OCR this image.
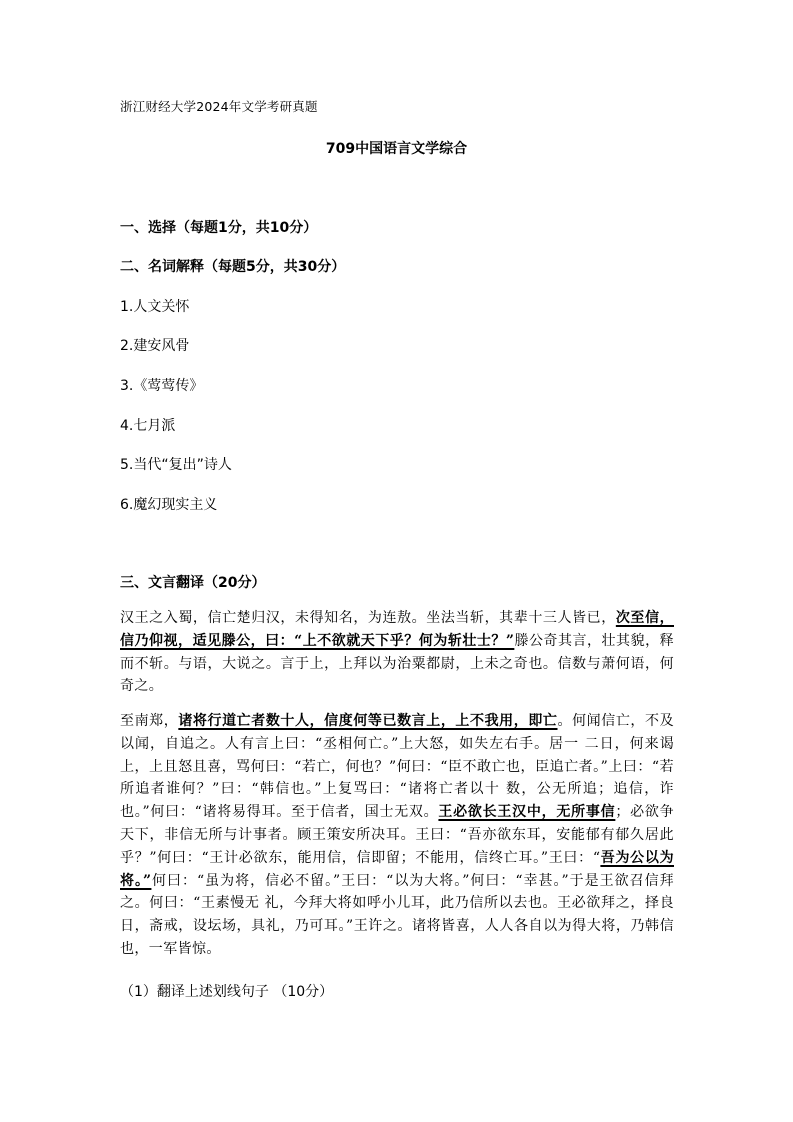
浙江财经大学2024年文学考研真题
709中国语言文学综合
一、选择（每题1分，共10分）
二、名词解释（每题5分，共30分）
1.人文关怀
2.建安风骨
3.《莺莺传》
4.七月派
5.当代“复出”诗人
6.魔幻现实主义
三、文言翻译（20分）
汉王之入蜀，信亡楚归汉，未得知名，为连敖。坐法当斩，其辈十三人皆已，次至信，信乃仰视，适见滕公，曰：“上不欲就天下乎？何为斩壮士？”滕公奇其言，壮其貌，释而不斩。与语，大说之。言于上，上拜以为治粟都尉，上未之奇也。信数与萧何语，何奇之。
至南郑，诸将行道亡者数十人，信度何等已数言上，上不我用，即亡。何闻信亡，不及以闻，自追之。人有言上曰：“丞相何亡。”上大怒，如失左右手。居一 二日，何来谒上，上且怒且喜，骂何曰：“若亡，何也？”何曰：“臣不敢亡也，臣追亡者。”上曰：“若所追者谁何？”曰：“韩信也。”上复骂曰：“诸将亡者以十 数，公无所追；追信，诈也。”何曰：“诸将易得耳。至于信者，国士无双。王必欲长王汉中，无所事信；必欲争天下，非信无所与计事者。顾王策安所决耳。王曰：“吾亦欲东耳，安能郁有郁久居此乎？”何曰：“王计必欲东，能用信，信即留；不能用，信终亡耳。”王曰：“吾为公以为将。”何曰：“虽为将，信必不留。”王曰：“以为大将。”何曰：“幸甚。”于是王欲召信拜之。何曰：“王素慢无 礼，今拜大将如呼小儿耳，此乃信所以去也。王必欲拜之，择良日，斋戒，设坛场，具礼，乃可耳。”王许之。诸将皆喜，人人各自以为得大将，乃韩信也，一军皆惊。
（1）翻译上述划线句子 （10分）
